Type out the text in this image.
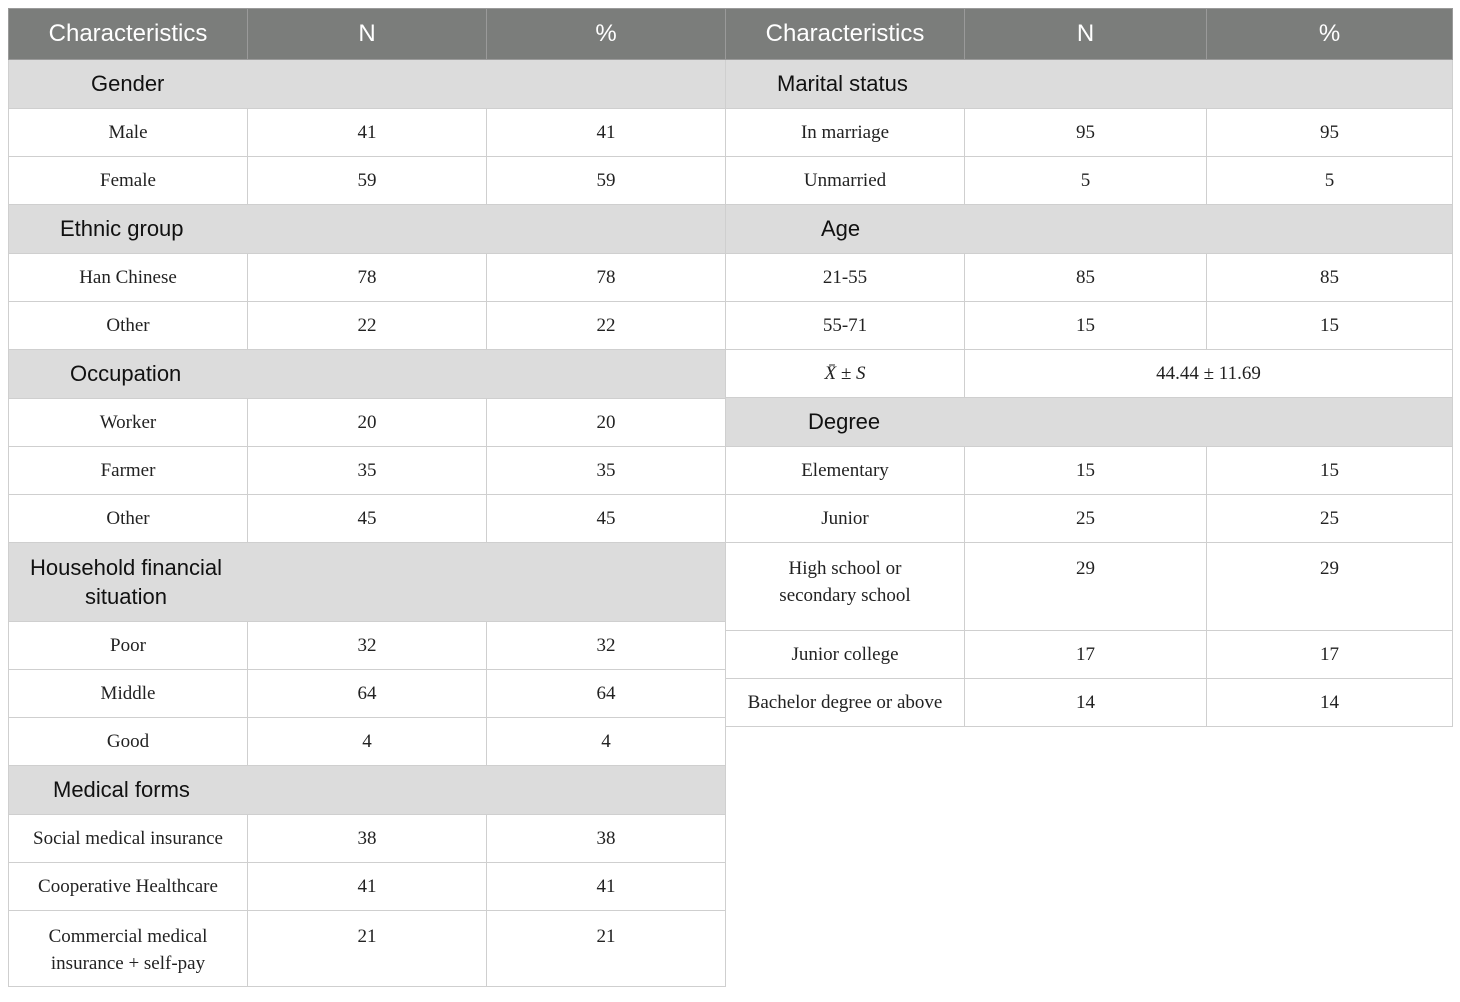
Characteristics	N	%
Gender		
Male	41	41
Female	59	59
Ethnic group		
Han Chinese	78	78
Other	22	22
Occupation		
Worker	20	20
Farmer	35	35
Other	45	45
Household financial
situation		
Poor	32	32
Middle	64	64
Good	4	4
Medical forms		
Social medical insurance	38	38
Cooperative Healthcare	41	41
Commercial medical
insurance + self-pay	21	21
Characteristics	N	%
Marital status		
In marriage	95	95
Unmarried	5	5
Age		
21-55	85	85
55-71	15	15
X̄ ± S	44.44 ± 11.69	
Degree		
Elementary	15	15
Junior	25	25
High school or
secondary school	29	29
Junior college	17	17
Bachelor degree or above	14	14
